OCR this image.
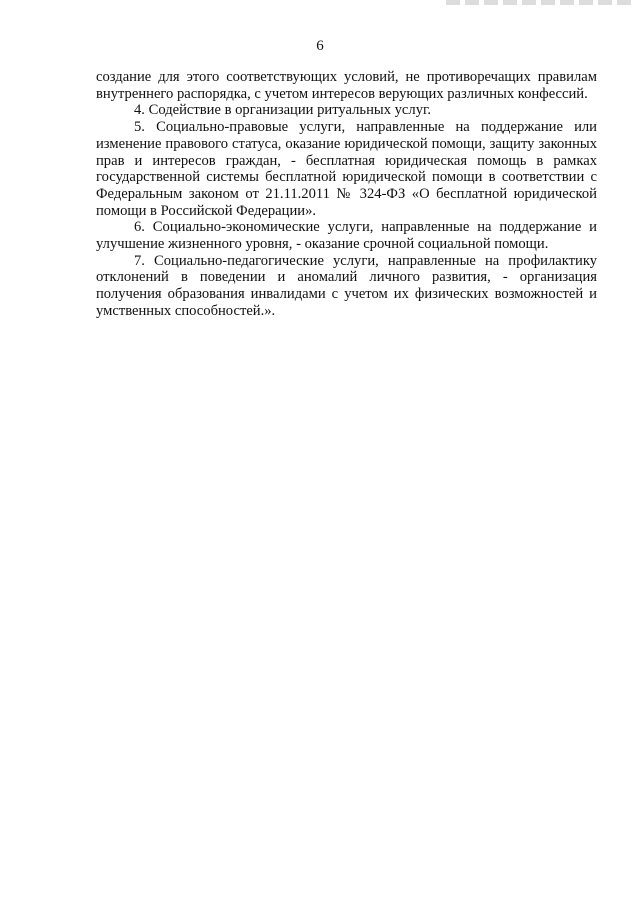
6

создание для этого соответствующих условий, не противоречащих правилам внутреннего распорядка, с учетом интересов верующих различных конфессий.

4. Содействие в организации ритуальных услуг.

5. Социально-правовые услуги, направленные на поддержание или изменение правового статуса, оказание юридической помощи, защиту законных прав и интересов граждан, - бесплатная юридическая помощь в рамках государственной системы бесплатной юридической помощи в соответствии с Федеральным законом от 21.11.2011 № 324-ФЗ «О бесплатной юридической помощи в Российской Федерации».

6. Социально-экономические услуги, направленные на поддержание и улучшение жизненного уровня, - оказание срочной социальной помощи.

7. Социально-педагогические услуги, направленные на профилактику отклонений в поведении и аномалий личного развития, - организация получения образования инвалидами с учетом их физических возможностей и умственных способностей.».
